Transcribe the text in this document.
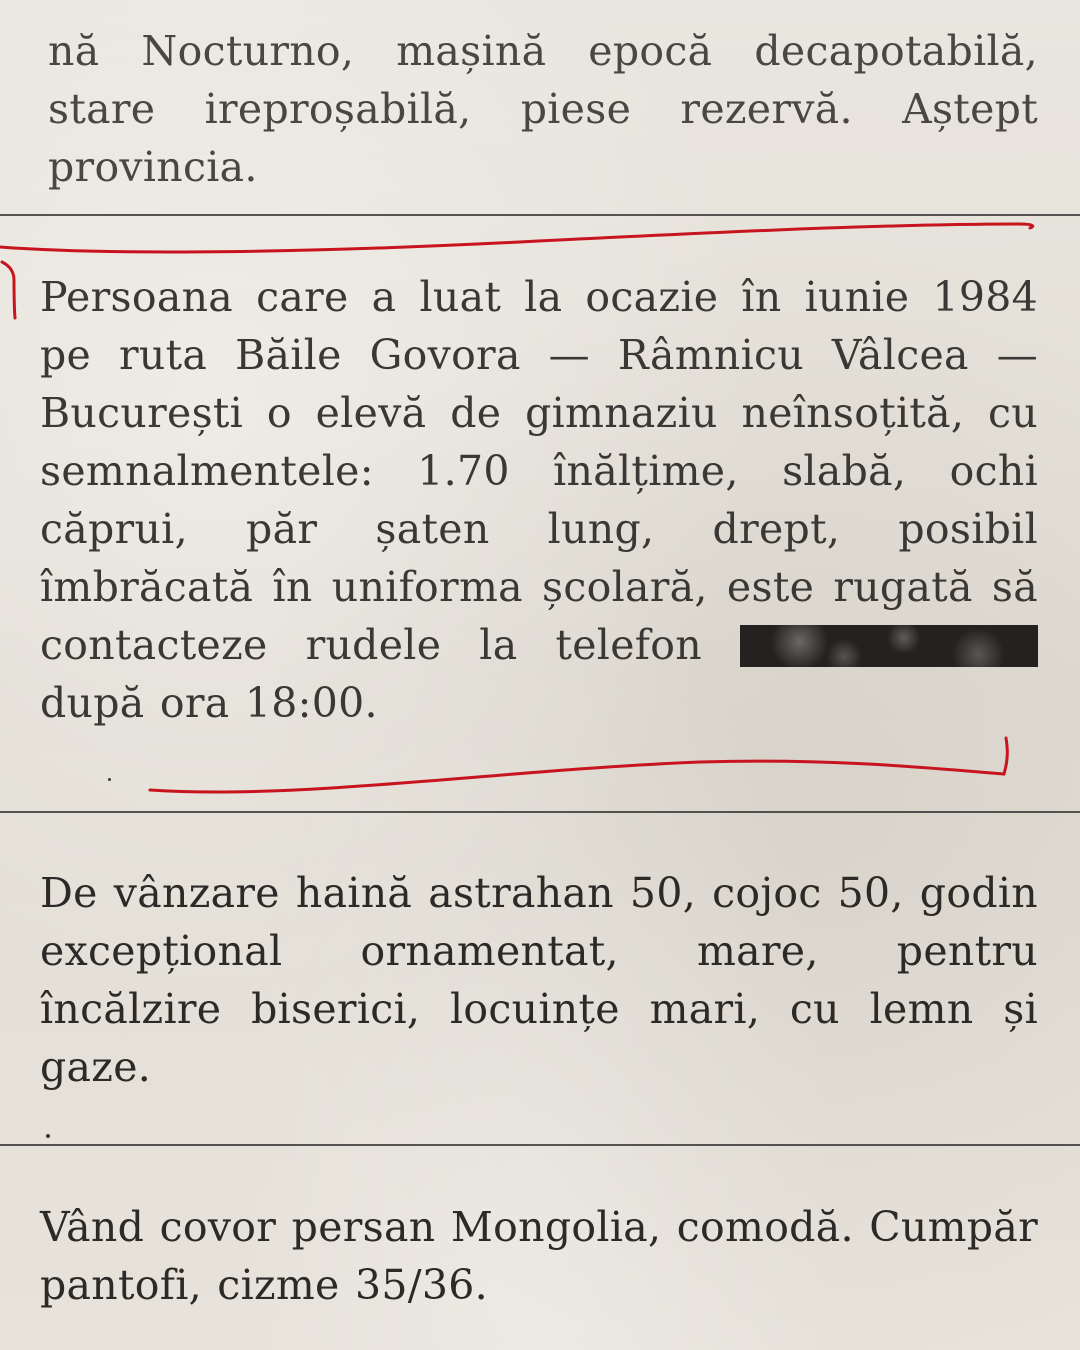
nă Nocturno, mașină epocă decapotabilă, stare ireproșabilă, piese rezervă. Aștept provincia.

Persoana care a luat la ocazie în iunie 1984 pe ruta Băile Govora — Râmnicu Vâlcea — București o elevă de gimnaziu neînsoțită, cu semnalmentele: 1.70 înălțime, slabă, ochi căprui, păr șaten lung, drept, posibil îmbrăcată în uniforma școlară, este rugată să contacteze rudele la telefon  după ora 18:00.

De vânzare haină astrahan 50, cojoc 50, godin excepțional ornamentat, mare, pentru încălzire biserici, locuințe mari, cu lemn și gaze.

Vând covor persan Mongolia, comodă. Cumpăr pantofi, cizme 35/36.
